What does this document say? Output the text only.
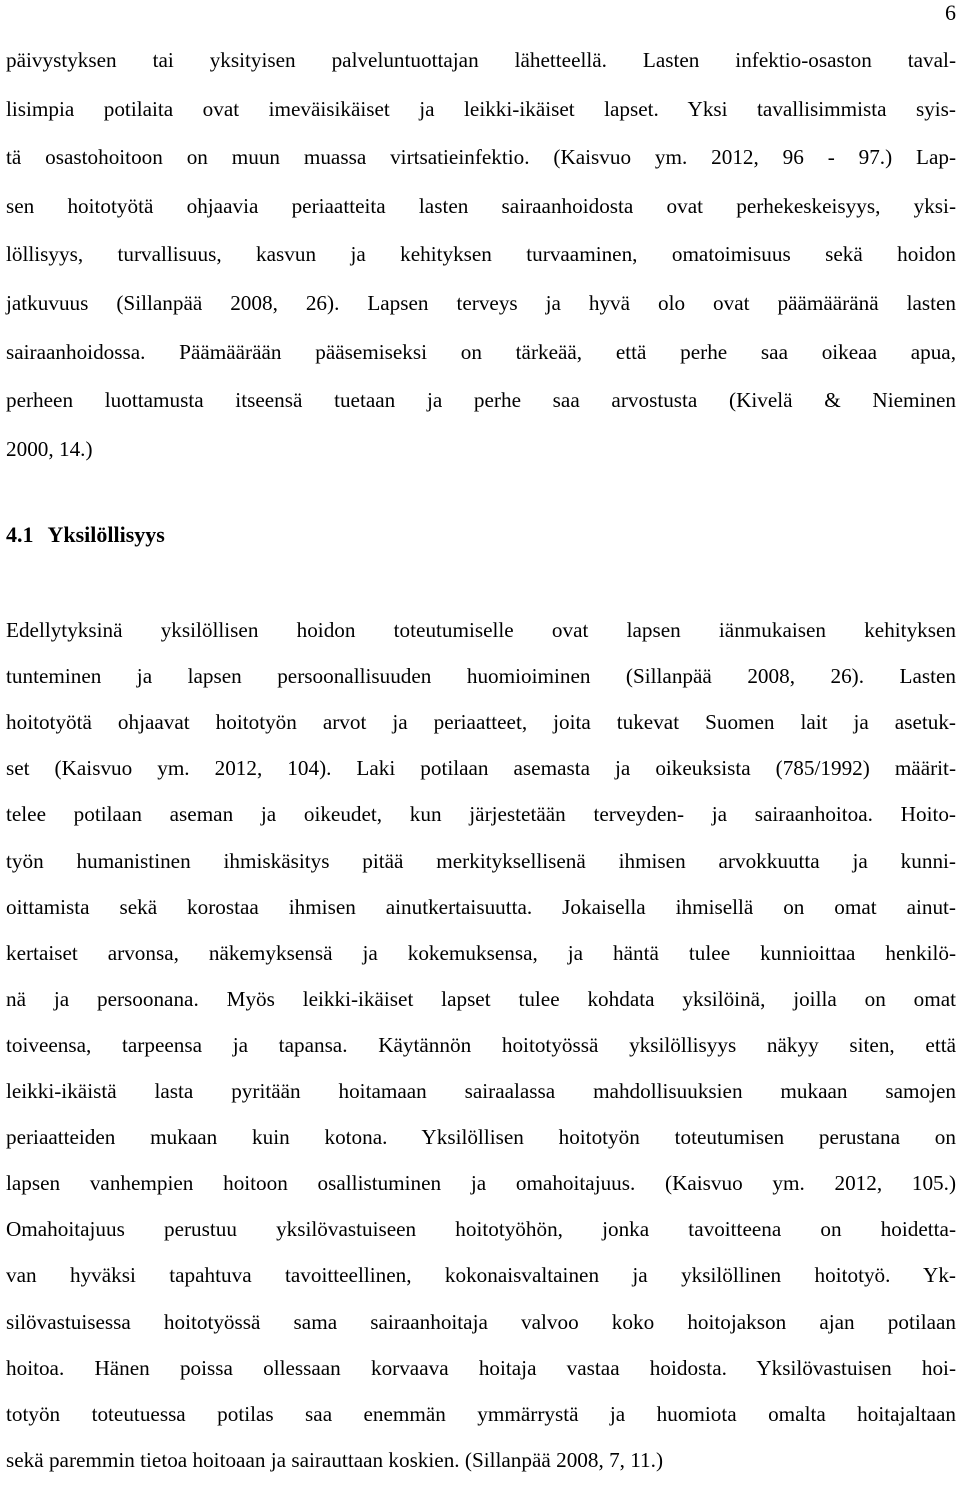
6
päivystyksen tai yksityisen palveluntuottajan lähetteellä. Lasten infektio-osaston taval-
lisimpia potilaita ovat imeväisikäiset ja leikki-ikäiset lapset. Yksi tavallisimmista syis-
tä osastohoitoon on muun muassa virtsatieinfektio. (Kaisvuo ym. 2012, 96 - 97.) Lap-
sen hoitotyötä ohjaavia periaatteita lasten sairaanhoidosta ovat perhekeskeisyys, yksi-
löllisyys, turvallisuus, kasvun ja kehityksen turvaaminen, omatoimisuus sekä hoidon
jatkuvuus (Sillanpää 2008, 26). Lapsen terveys ja hyvä olo ovat päämääränä lasten
sairaanhoidossa. Päämäärään pääsemiseksi on tärkeää, että perhe saa oikeaa apua,
perheen luottamusta itseensä tuetaan ja perhe saa arvostusta (Kivelä & Nieminen
2000, 14.)
4.1 Yksilöllisyys
Edellytyksinä yksilöllisen hoidon toteutumiselle ovat lapsen iänmukaisen kehityksen
tunteminen ja lapsen persoonallisuuden huomioiminen (Sillanpää 2008, 26). Lasten
hoitotyötä ohjaavat hoitotyön arvot ja periaatteet, joita tukevat Suomen lait ja asetuk-
set (Kaisvuo ym. 2012, 104). Laki potilaan asemasta ja oikeuksista (785/1992) määrit-
telee potilaan aseman ja oikeudet, kun järjestetään terveyden- ja sairaanhoitoa. Hoito-
työn humanistinen ihmiskäsitys pitää merkityksellisenä ihmisen arvokkuutta ja kunni-
oittamista sekä korostaa ihmisen ainutkertaisuutta. Jokaisella ihmisellä on omat ainut-
kertaiset arvonsa, näkemyksensä ja kokemuksensa, ja häntä tulee kunnioittaa henkilö-
nä ja persoonana. Myös leikki-ikäiset lapset tulee kohdata yksilöinä, joilla on omat
toiveensa, tarpeensa ja tapansa. Käytännön hoitotyössä yksilöllisyys näkyy siten, että
leikki-ikäistä lasta pyritään hoitamaan sairaalassa mahdollisuuksien mukaan samojen
periaatteiden mukaan kuin kotona. Yksilöllisen hoitotyön toteutumisen perustana on
lapsen vanhempien hoitoon osallistuminen ja omahoitajuus. (Kaisvuo ym. 2012, 105.)
Omahoitajuus perustuu yksilövastuiseen hoitotyöhön, jonka tavoitteena on hoidetta-
van hyväksi tapahtuva tavoitteellinen, kokonaisvaltainen ja yksilöllinen hoitotyö. Yk-
silövastuisessa hoitotyössä sama sairaanhoitaja valvoo koko hoitojakson ajan potilaan
hoitoa. Hänen poissa ollessaan korvaava hoitaja vastaa hoidosta. Yksilövastuisen hoi-
totyön toteutuessa potilas saa enemmän ymmärrystä ja huomiota omalta hoitajaltaan
sekä paremmin tietoa hoitoaan ja sairauttaan koskien. (Sillanpää 2008, 7, 11.)
